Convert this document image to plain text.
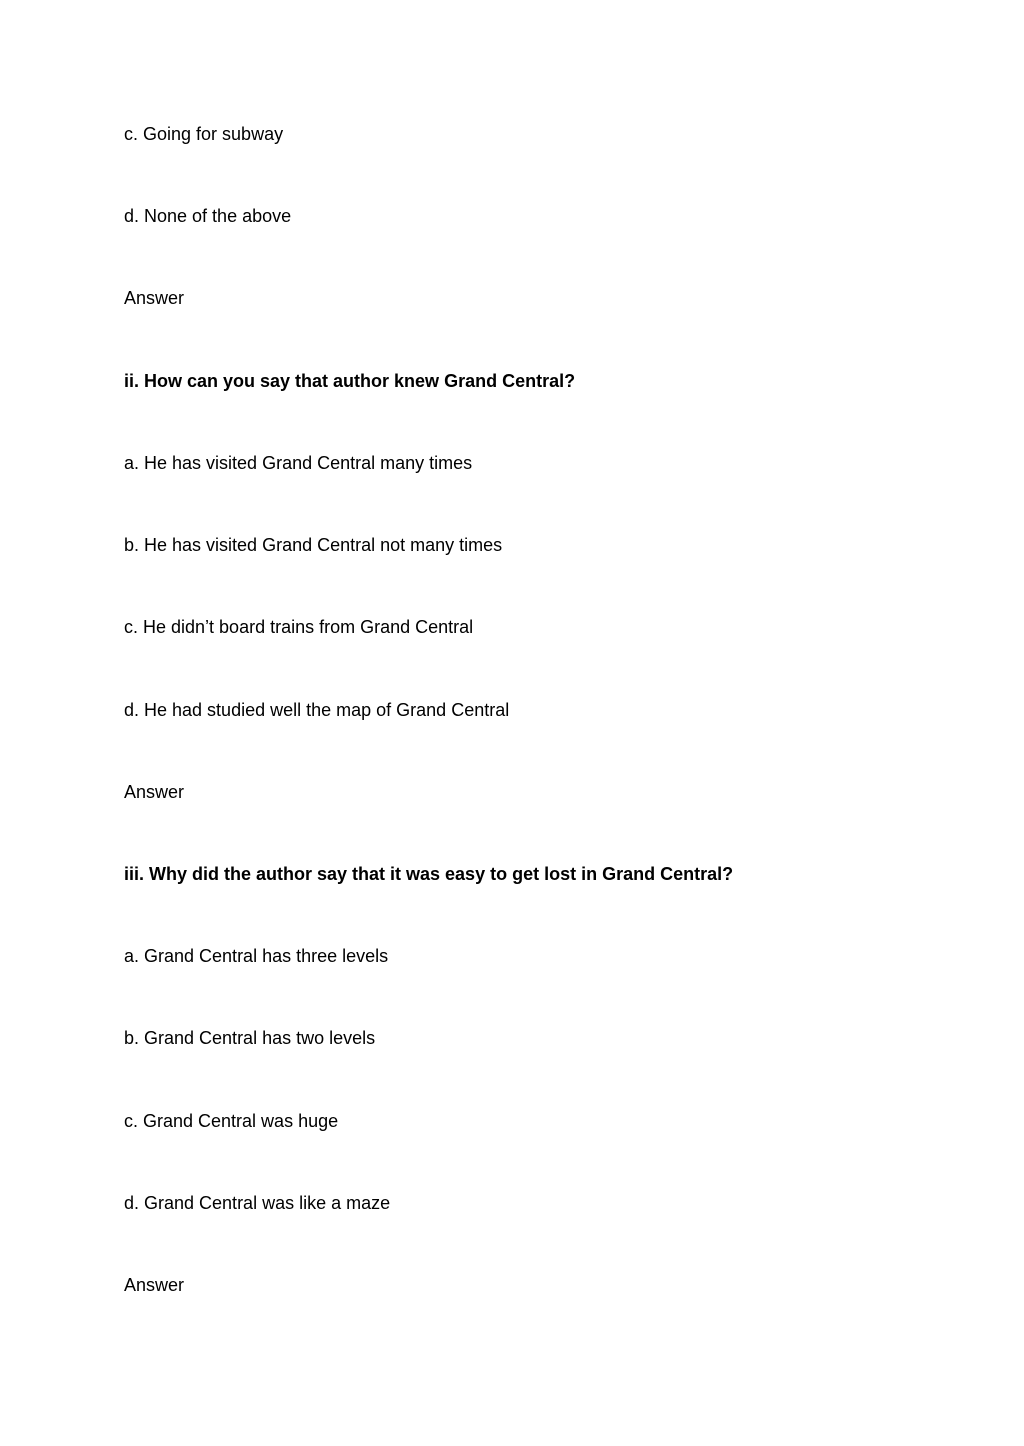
c. Going for subway

d. None of the above

Answer

ii. How can you say that author knew Grand Central?

a. He has visited Grand Central many times

b. He has visited Grand Central not many times

c. He didn’t board trains from Grand Central

d. He had studied well the map of Grand Central

Answer

iii. Why did the author say that it was easy to get lost in Grand Central?

a. Grand Central has three levels

b. Grand Central has two levels

c. Grand Central was huge

d. Grand Central was like a maze

Answer
